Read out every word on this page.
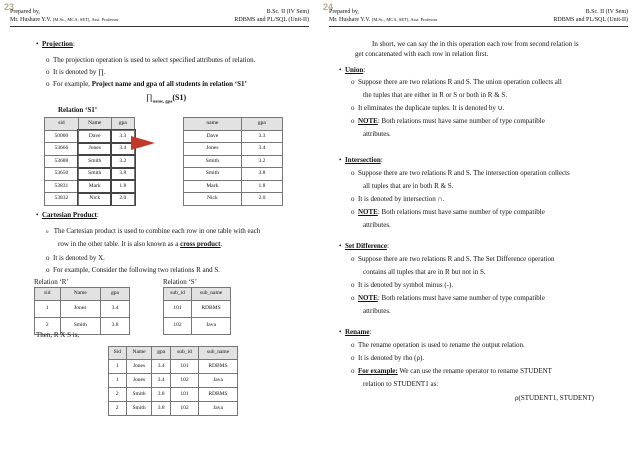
23
Prepared by,
Mr. Hushare Y.V. [M.Sc., MCA, SET], Asst. Professor
B.Sc. II (IV Sem)
RDBMS and PL/SQL (Unit-II)
• Projection:
o The projection operation is used to select specified attributes of relation.
o It is denoted by ∏.
o For example, Project name and gpa of all students in relation ‘S1’
$\prod_{name, gpa}(S1)$
Relation ‘S1’
sid	Name	gpa
50000	Dave	3.3
53666	Jones	3.4
53688	Smith	3.2
53650	Smith	3.8
53831	Mark	1.8
53832	Nick	2.0
name	gpa
Dave	3.3
Jones	3.4
Smith	3.2
Smith	3.8
Mark	1.8
Nick	2.0
• Cartesian Product:
o The Cartesian product is used to combine each row in one table with each
row in the other table. It is also known as a cross product.
o It is denoted by X.
o For example, Consider the following two relations R and S.
Relation ‘R’	Relation ‘S’
sid	Name	gpa
1	Jones	3.4
2	Smith	3.8
sub_id	sub_name
101	RDBMS
102	Java
Then, R X S is,
Sid	Name	gpa	sub_id	sub_name
1	Jones	3.4	101	RDBMS
1	Jones	3.4	102	Java
2	Smith	3.8	101	RDBMS
2	Smith	3.8	102	Java
24
Prepared by,
Mr. Hushare Y.V. [M.Sc., MCA, SET], Asst. Professor
B.Sc. II (IV Sem)
RDBMS and PL/SQL (Unit-II)
In short, we can say the in this operation each row from second relation is
get concatenated with each row in relation first.
• Union:
o Suppose there are two relations R and S. The union operation collects all
the tuples that are either in R or S or both in R & S.
o It eliminates the duplicate tuples. It is denoted by ∪.
o NOTE: Both relations must have same number of type compatible
attributes.
• Intersection:
o Suppose there are two relations R and S. The intersection operation collects
all tuples that are in both R & S.
o It is denoted by intersection ∩.
o NOTE: Both relations must have same number of type compatible
attributes.
• Set Difference:
o Suppose there are two relations R and S. The Set Difference operation
contains all tuples that are in R but not in S.
o It is denoted by symbol minus (-).
o NOTE: Both relations must have same number of type compatible
attributes.
• Rename:
o The rename operation is used to rename the output relation.
o It is denoted by rho (ρ).
o For example: We can use the rename operator to rename STUDENT
relation to STUDENT1 as:
ρ(STUDENT1, STUDENT)
